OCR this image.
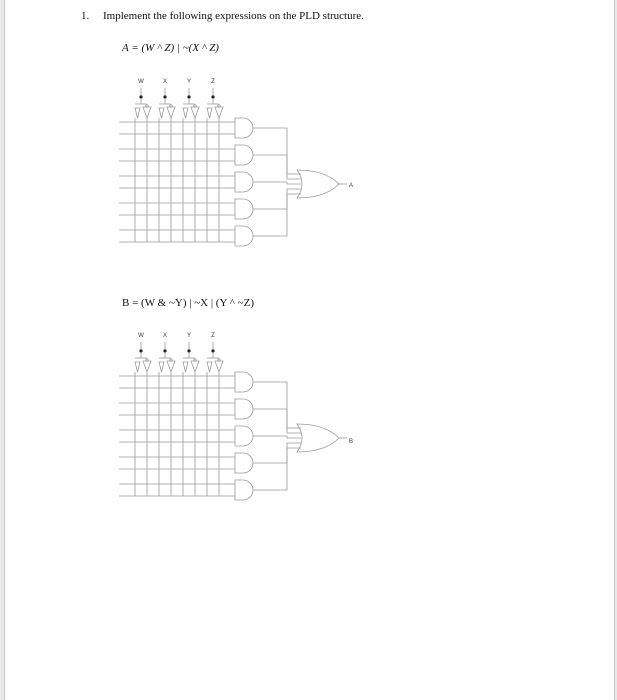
1. Implement the following expressions on the PLD structure.
A = (W ^ Z) | ~(X ^ Z)
W	X	Y	Z
A
B = (W & ~Y) | ~X | (Y ^ ~Z)
W	X	Y	Z
B
